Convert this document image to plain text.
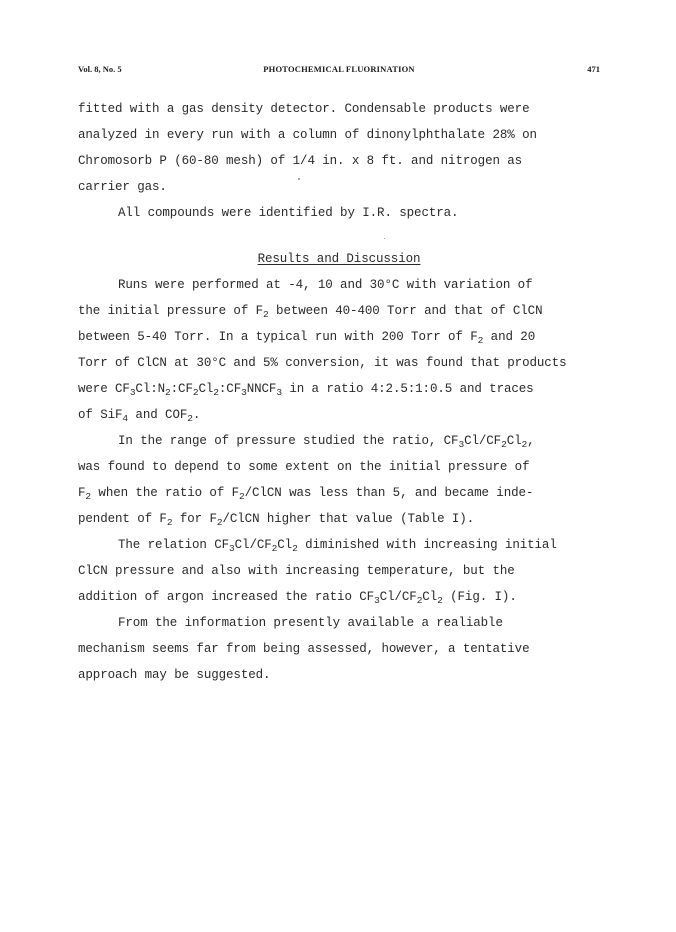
Vol. 8, No. 5	PHOTOCHEMICAL FLUORINATION	471
fitted with a gas density detector. Condensable products were
analyzed in every run with a column of dinonylphthalate 28% on
Chromosorb P (60-80 mesh) of 1/4 in. x 8 ft. and nitrogen as
carrier gas.
All compounds were identified by I.R. spectra.
Results and Discussion
Runs were performed at -4, 10 and 30°C with variation of
the initial pressure of $F_2$ between 40-400 Torr and that of ClCN
between 5-40 Torr. In a typical run with 200 Torr of $F_2$ and 20
Torr of ClCN at 30°C and 5% conversion, it was found that products
were $CF_3Cl:N_2:CF_2Cl_2:CF_3NNCF_3$ in a ratio 4:2.5:1:0.5 and traces
of SiF$_4$ and $COF_2$.
In the range of pressure studied the ratio, $CF_3Cl/CF_2Cl_2$,
was found to depend to some extent on the initial pressure of
$F_2$ when the ratio of $F_2$/ClCN was less than 5, and became inde-
pendent of $F_2$ for $F_2$/ClCN higher that value (Table I).
The relation $CF_3Cl/CF_2Cl_2$ diminished with increasing initial
ClCN pressure and also with increasing temperature, but the
addition of argon increased the ratio $CF_3Cl/CF_2Cl_2$ (Fig. I).
From the information presently available a realiable
mechanism seems far from being assessed, however, a tentative
approach may be suggested.
